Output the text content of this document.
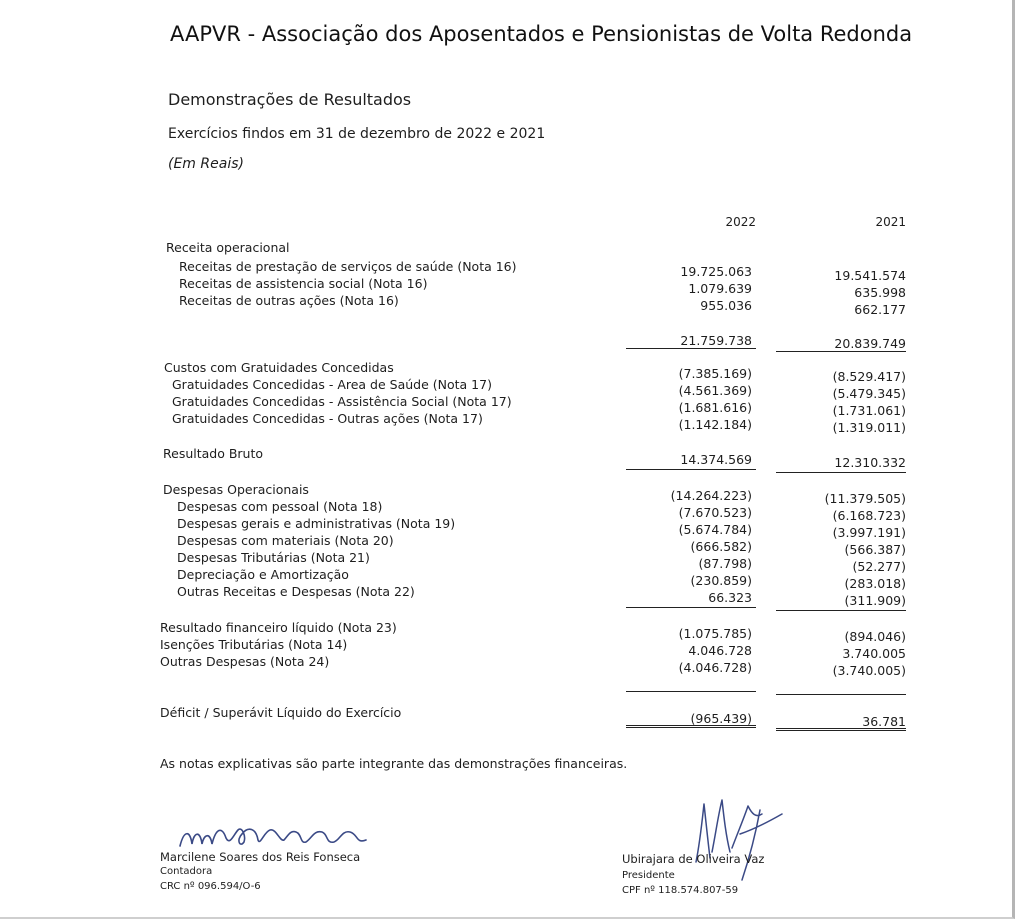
AAPVR - Associação dos Aposentados e Pensionistas de Volta Redonda
Demonstrações de Resultados
Exercícios findos em 31 de dezembro de 2022 e 2021
(Em Reais)
2022	2021
Receita operacional
Receitas de prestação de serviços de saúde (Nota 16)	19.725.063	19.541.574
Receitas de assistencia social (Nota 16)	1.079.639	635.998
Receitas de outras ações (Nota 16)	955.036	662.177
21.759.738	20.839.749
Custos com Gratuidades Concedidas	(7.385.169)	(8.529.417)
Gratuidades Concedidas - Area de Saúde (Nota 17)	(4.561.369)	(5.479.345)
Gratuidades Concedidas - Assistência Social (Nota 17)	(1.681.616)	(1.731.061)
Gratuidades Concedidas - Outras ações (Nota 17)	(1.142.184)	(1.319.011)
Resultado Bruto	14.374.569	12.310.332
Despesas Operacionais	(14.264.223)	(11.379.505)
Despesas com pessoal (Nota 18)	(7.670.523)	(6.168.723)
Despesas gerais e administrativas (Nota 19)	(5.674.784)	(3.997.191)
Despesas com materiais (Nota 20)	(666.582)	(566.387)
Despesas Tributárias (Nota 21)	(87.798)	(52.277)
Depreciação e Amortização	(230.859)	(283.018)
Outras Receitas e Despesas (Nota 22)	66.323	(311.909)
Resultado financeiro líquido (Nota 23)	(1.075.785)	(894.046)
Isenções Tributárias (Nota 14)	4.046.728	3.740.005
Outras Despesas (Nota 24)	(4.046.728)	(3.740.005)
Déficit / Superávit Líquido do Exercício	(965.439)	36.781
As notas explicativas são parte integrante das demonstrações financeiras.
Marcilene Soares dos Reis Fonseca
Contadora
CRC nº 096.594/O-6
Ubirajara de Oliveira Vaz
Presidente
CPF nº 118.574.807-59
